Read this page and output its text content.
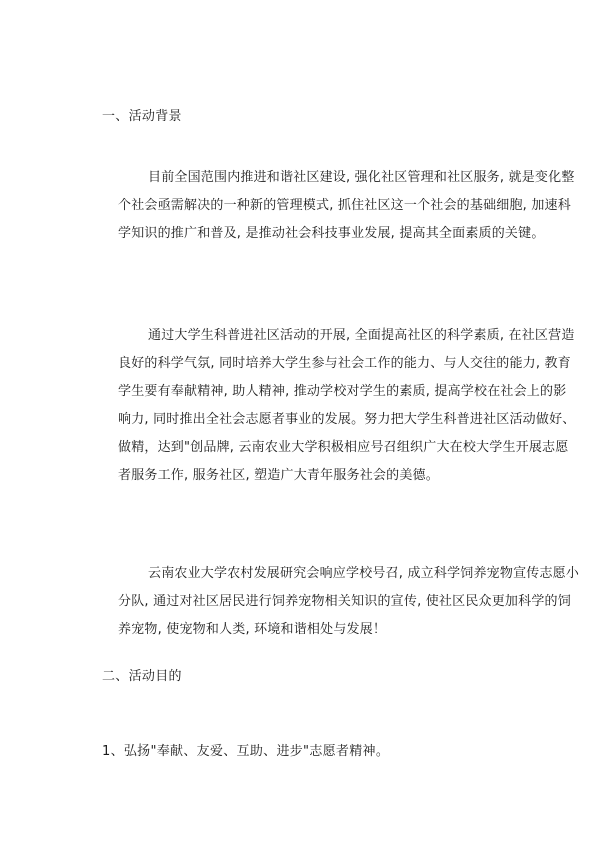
一、活动背景
目前全国范围内推进和谐社区建设, 强化社区管理和社区服务, 就是变化整
个社会亟需解决的一种新的管理模式, 抓住社区这一个社会的基础细胞, 加速科
学知识的推广和普及, 是推动社会科技事业发展, 提高其全面素质的关键。
通过大学生科普进社区活动的开展, 全面提高社区的科学素质, 在社区营造
良好的科学气氛, 同时培养大学生参与社会工作的能力、与人交往的能力, 教育
学生要有奉献精神, 助人精神, 推动学校对学生的素质, 提高学校在社会上的影
响力, 同时推出全社会志愿者事业的发展。努力把大学生科普进社区活动做好、
做精，达到"创品牌, 云南农业大学积极相应号召组织广大在校大学生开展志愿
者服务工作, 服务社区, 塑造广大青年服务社会的美德。
云南农业大学农村发展研究会响应学校号召, 成立科学饲养宠物宣传志愿小
分队, 通过对社区居民进行饲养宠物相关知识的宣传, 使社区民众更加科学的饲
养宠物, 使宠物和人类, 环境和谐相处与发展！
二、活动目的
1、弘扬"奉献、友爱、互助、进步"志愿者精神。
